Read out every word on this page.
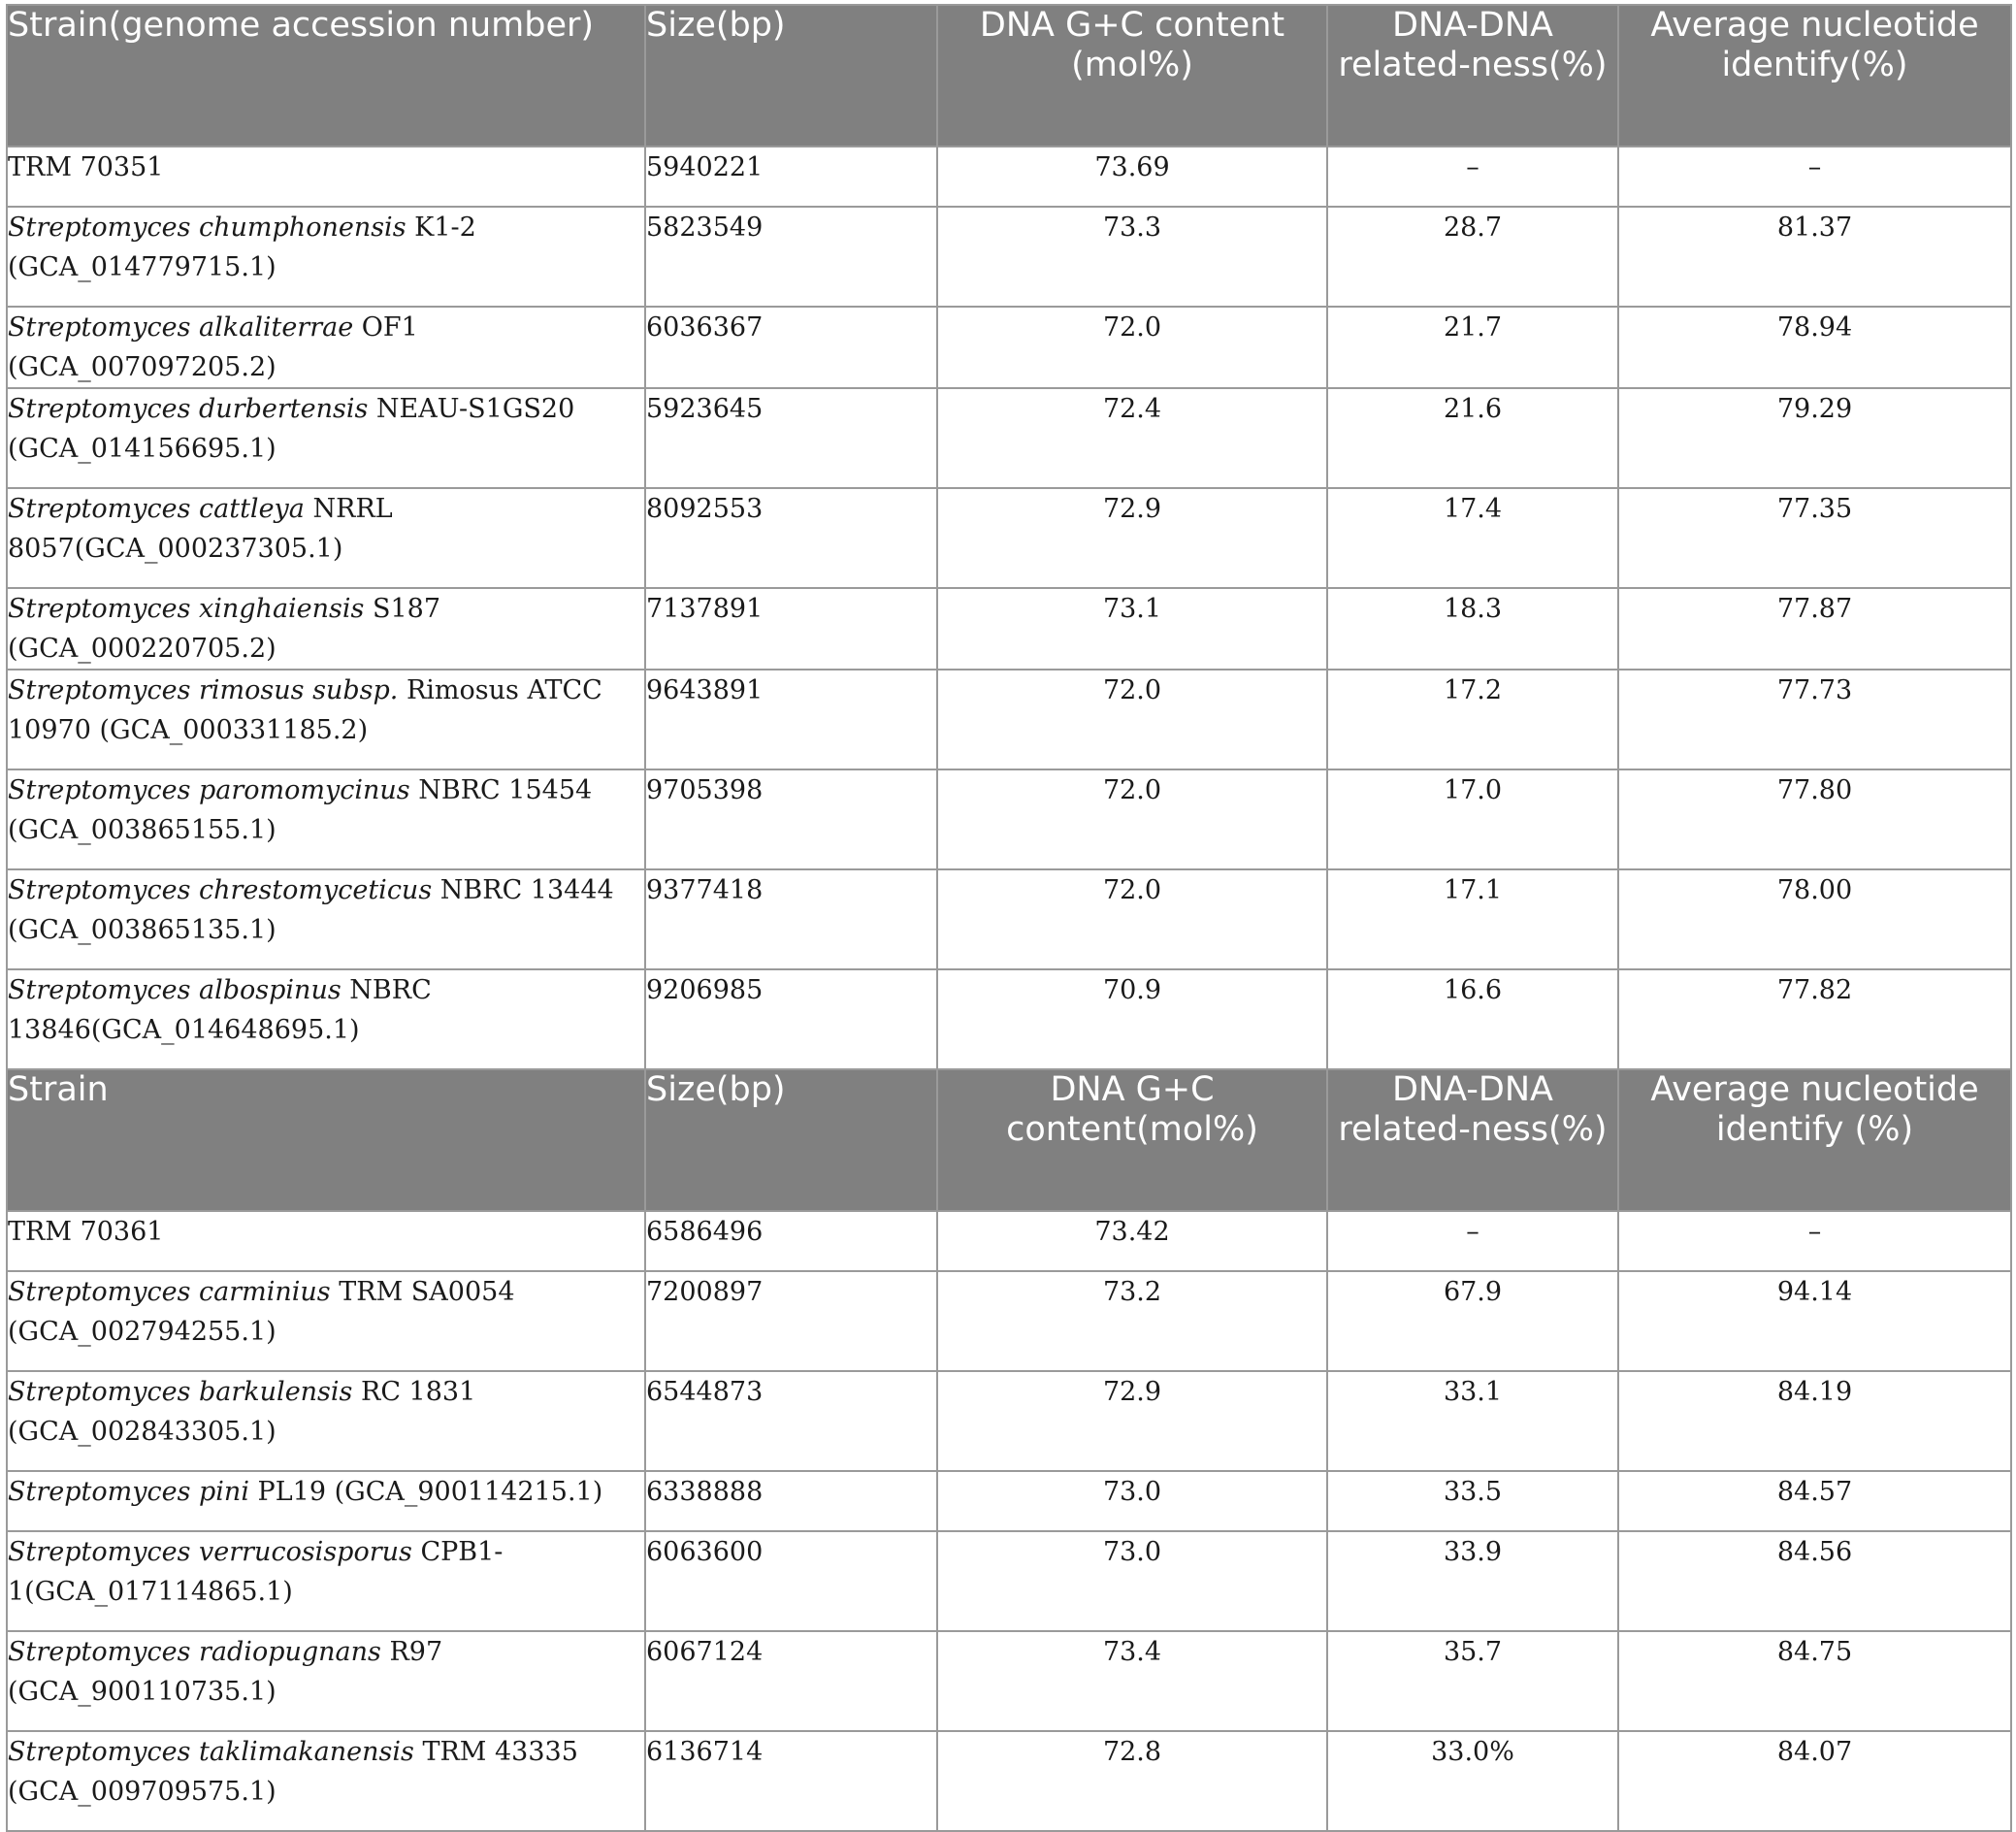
Strain(genome accession number)	Size(bp)	DNA G+C content (mol%)	DNA-DNA related-ness(%)	Average nucleotide identify(%)
TRM 70351	5940221	73.69	–	–
Streptomyces chumphonensis K1-2 (GCA_014779715.1)	5823549	73.3	28.7	81.37
Streptomyces alkaliterrae OF1 (GCA_007097205.2)	6036367	72.0	21.7	78.94
Streptomyces durbertensis NEAU-S1GS20 (GCA_014156695.1)	5923645	72.4	21.6	79.29
Streptomyces cattleya NRRL 8057(GCA_000237305.1)	8092553	72.9	17.4	77.35
Streptomyces xinghaiensis S187 (GCA_000220705.2)	7137891	73.1	18.3	77.87
Streptomyces rimosus subsp. Rimosus ATCC 10970 (GCA_000331185.2)	9643891	72.0	17.2	77.73
Streptomyces paromomycinus NBRC 15454 (GCA_003865155.1)	9705398	72.0	17.0	77.80
Streptomyces chrestomyceticus NBRC 13444 (GCA_003865135.1)	9377418	72.0	17.1	78.00
Streptomyces albospinus NBRC 13846(GCA_014648695.1)	9206985	70.9	16.6	77.82
Strain	Size(bp)	DNA G+C content(mol%)	DNA-DNA related-ness(%)	Average nucleotide identify (%)
TRM 70361	6586496	73.42	–	–
Streptomyces carminius TRM SA0054 (GCA_002794255.1)	7200897	73.2	67.9	94.14
Streptomyces barkulensis RC 1831 (GCA_002843305.1)	6544873	72.9	33.1	84.19
Streptomyces pini PL19 (GCA_900114215.1)	6338888	73.0	33.5	84.57
Streptomyces verrucosisporus CPB1-1(GCA_017114865.1)	6063600	73.0	33.9	84.56
Streptomyces radiopugnans R97 (GCA_900110735.1)	6067124	73.4	35.7	84.75
Streptomyces taklimakanensis TRM 43335 (GCA_009709575.1)	6136714	72.8	33.0%	84.07
